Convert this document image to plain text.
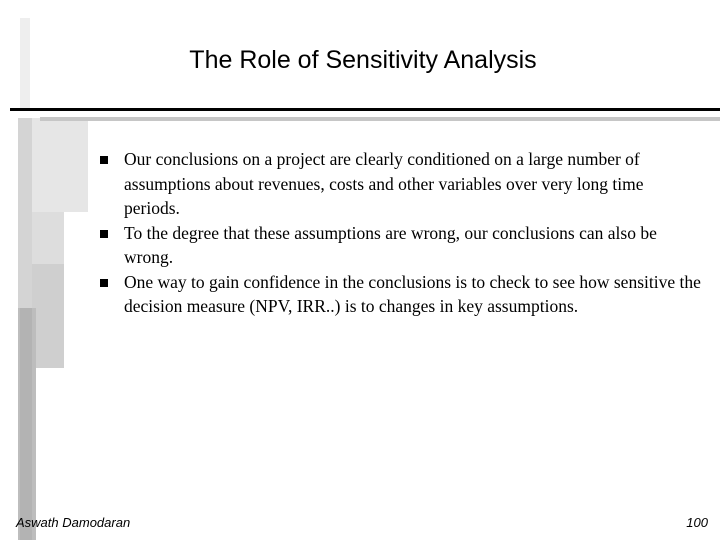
The Role of Sensitivity Analysis
Our conclusions on a project are clearly conditioned on a large number of assumptions about revenues, costs and other variables over very long time periods.
To the degree that these assumptions are wrong, our conclusions can also be wrong.
One way to gain confidence in the conclusions is to check to see how sensitive the decision measure (NPV, IRR..) is to changes in key assumptions.
Aswath Damodaran	100
